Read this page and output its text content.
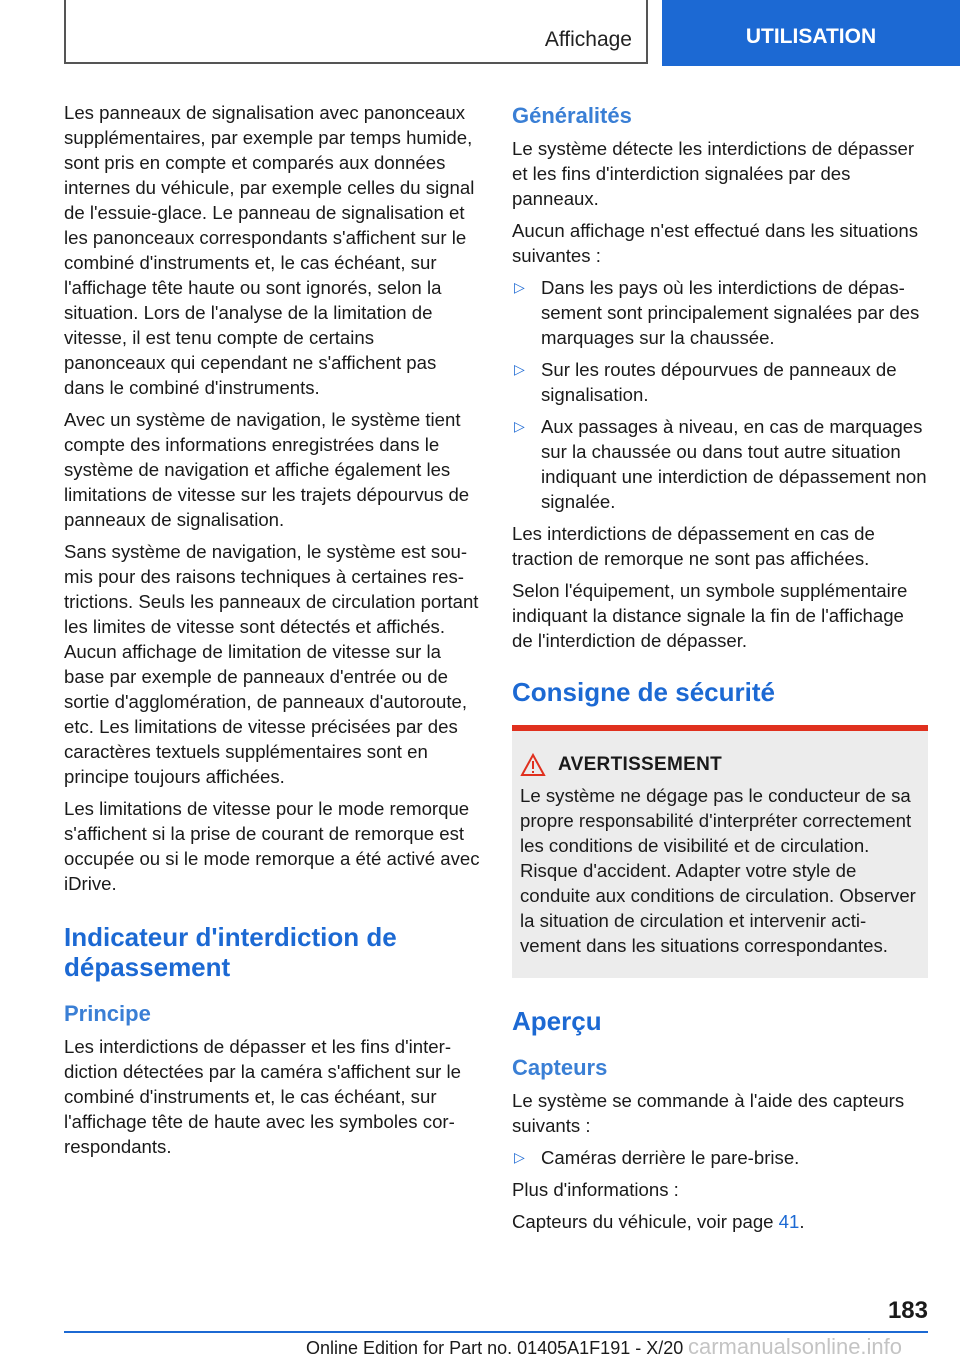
Affichage	UTILISATION

Les panneaux de signalisation avec panonceaux supplémentaires, par exemple par temps humide, sont pris en compte et comparés aux données internes du véhicule, par exemple celles du signal de l'essuie-glace. Le panneau de signalisation et les panonceaux correspondants s'affichent sur le combiné d'instruments et, le cas échéant, sur l'affichage tête haute ou sont ignorés, selon la situation. Lors de l'analyse de la limitation de vitesse, il est tenu compte de certains panonceaux qui cependant ne s'affichent pas dans le combiné d'instruments.

Avec un système de navigation, le système tient compte des informations enregistrées dans le système de navigation et affiche également les limitations de vitesse sur les trajets dépourvus de panneaux de signalisation.

Sans système de navigation, le système est soumis pour des raisons techniques à certaines restrictions. Seuls les panneaux de circulation portant les limites de vitesse sont détectés et affichés. Aucun affichage de limitation de vitesse sur la base par exemple de panneaux d'entrée ou de sortie d'agglomération, de panneaux d'autoroute, etc. Les limitations de vitesse précisées par des caractères textuels supplémentaires sont en principe toujours affichées.

Les limitations de vitesse pour le mode remorque s'affichent si la prise de courant de remorque est occupée ou si le mode remorque a été activé avec iDrive.

Indicateur d'interdiction de dépassement
Principe

Les interdictions de dépasser et les fins d'interdiction détectées par la caméra s'affichent sur le combiné d'instruments et, le cas échéant, sur l'affichage tête de haute avec les symboles correspondants.

Généralités

Le système détecte les interdictions de dépasser et les fins d'interdiction signalées par des panneaux.

Aucun affichage n'est effectué dans les situations suivantes :

▷ Dans les pays où les interdictions de dépassement sont principalement signalées par des marquages sur la chaussée.
▷ Sur les routes dépourvues de panneaux de signalisation.
▷ Aux passages à niveau, en cas de marquages sur la chaussée ou dans tout autre situation indiquant une interdiction de dépassement non signalée.

Les interdictions de dépassement en cas de traction de remorque ne sont pas affichées.

Selon l'équipement, un symbole supplémentaire indiquant la distance signale la fin de l'affichage de l'interdiction de dépasser.

Consigne de sécurité
AVERTISSEMENT

Le système ne dégage pas le conducteur de sa propre responsabilité d'interpréter correctement les conditions de visibilité et de circulation. Risque d'accident. Adapter votre style de conduite aux conditions de circulation. Observer la situation de circulation et intervenir activement dans les situations correspondantes.

Aperçu
Capteurs

Le système se commande à l'aide des capteurs suivants :

▷ Caméras derrière le pare-brise.

Plus d'informations :

Capteurs du véhicule, voir page 41.

183
Online Edition for Part no. 01405A1F191 - X/20 carmanualsonline.info
